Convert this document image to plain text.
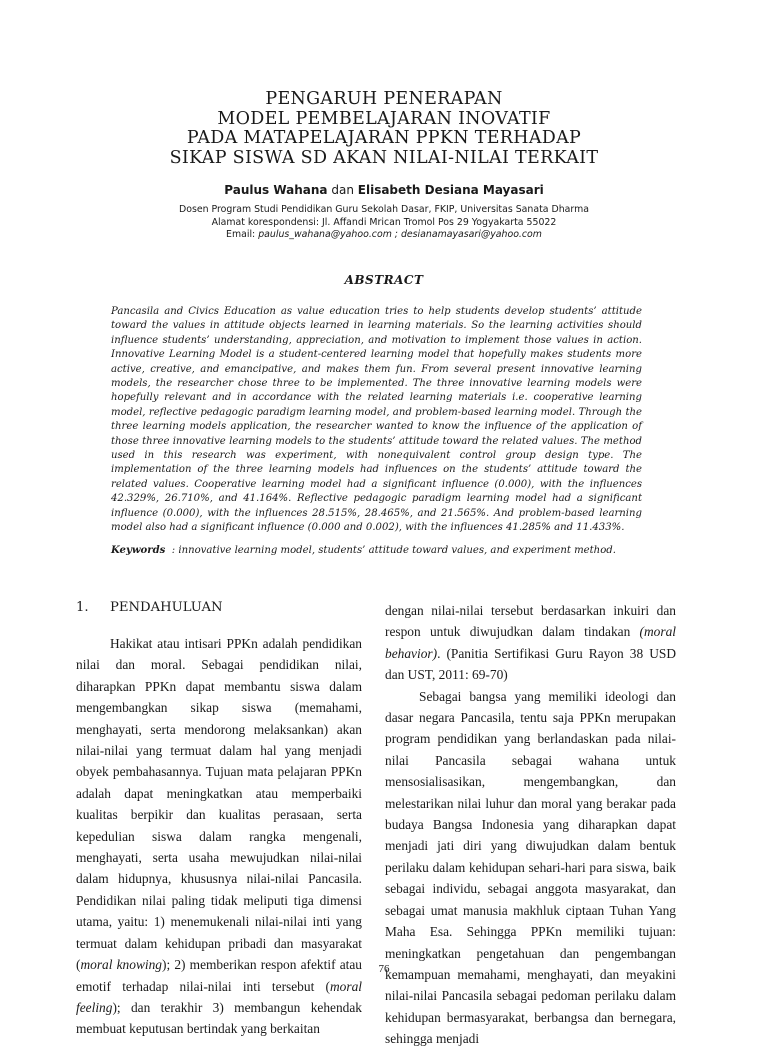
PENGARUH PENERAPAN
MODEL PEMBELAJARAN INOVATIF
PADA MATAPELAJARAN PPKN TERHADAP
SIKAP SISWA SD AKAN NILAI-NILAI TERKAIT
Paulus Wahana dan Elisabeth Desiana Mayasari
Dosen Program Studi Pendidikan Guru Sekolah Dasar, FKIP, Universitas Sanata Dharma
Alamat korespondensi: Jl. Affandi Mrican Tromol Pos 29 Yogyakarta 55022
Email: paulus_wahana@yahoo.com ; desianamayasari@yahoo.com
ABSTRACT

Pancasila and Civics Education as value education tries to help students develop students’ attitude toward the values in attitude objects learned in learning materials. So the learning activities should influence students’ understanding, appreciation, and motivation to implement those values in action. Innovative Learning Model is a student-centered learning model that hopefully makes students more active, creative, and emancipative, and makes them fun. From several present innovative learning models, the researcher chose three to be implemented. The three innovative learning models were hopefully relevant and in accordance with the related learning materials i.e. cooperative learning model, reflective pedagogic paradigm learning model, and problem-based learning model. Through the three learning models application, the researcher wanted to know the influence of the application of those three innovative learning models to the students’ attitude toward the related values. The method used in this research was experiment, with nonequivalent control group design type. The implementation of the three learning models had influences on the students’ attitude toward the related values. Cooperative learning model had a significant influence (0.000), with the influences 42.329%, 26.710%, and 41.164%. Reflective pedagogic paradigm learning model had a significant influence (0.000), with the influences 28.515%, 28.465%, and 21.565%. And problem-based learning model also had a significant influence (0.000 and 0.002), with the influences 41.285% and 11.433%.

Keywords : innovative learning model, students’ attitude toward values, and experiment method.
1. PENDAHULUAN

Hakikat atau intisari PPKn adalah pendidikan nilai dan moral. Sebagai pendidikan nilai, diharapkan PPKn dapat membantu siswa dalam mengembangkan sikap siswa (memahami, menghayati, serta mendorong melaksankan) akan nilai-nilai yang termuat dalam hal yang menjadi obyek pembahasannya. Tujuan mata pelajaran PPKn adalah dapat meningkatkan atau memperbaiki kualitas berpikir dan kualitas perasaan, serta kepedulian siswa dalam rangka mengenali, menghayati, serta usaha mewujudkan nilai-nilai dalam hidupnya, khususnya nilai-nilai Pancasila. Pendidikan nilai paling tidak meliputi tiga dimensi utama, yaitu: 1) menemukenali nilai-nilai inti yang termuat dalam kehidupan pribadi dan masyarakat (moral knowing); 2) memberikan respon afektif atau emotif terhadap nilai-nilai inti tersebut (moral feeling); dan terakhir 3) membangun kehendak membuat keputusan bertindak yang berkaitan

dengan nilai-nilai tersebut berdasarkan inkuiri dan respon untuk diwujudkan dalam tindakan (moral behavior). (Panitia Sertifikasi Guru Rayon 38 USD dan UST, 2011: 69-70)

Sebagai bangsa yang memiliki ideologi dan dasar negara Pancasila, tentu saja PPKn merupakan program pendidikan yang berlandaskan pada nilai-nilai Pancasila sebagai wahana untuk mensosialisasikan, mengembangkan, dan melestarikan nilai luhur dan moral yang berakar pada budaya Bangsa Indonesia yang diharapkan dapat menjadi jati diri yang diwujudkan dalam bentuk perilaku dalam kehidupan sehari-hari para siswa, baik sebagai individu, sebagai anggota masyarakat, dan sebagai umat manusia makhluk ciptaan Tuhan Yang Maha Esa. Sehingga PPKn memiliki tujuan: meningkatkan pengetahuan dan pengembangan kemampuan memahami, menghayati, dan meyakini nilai-nilai Pancasila sebagai pedoman perilaku dalam kehidupan bermasyarakat, berbangsa dan bernegara, sehingga menjadi

76
